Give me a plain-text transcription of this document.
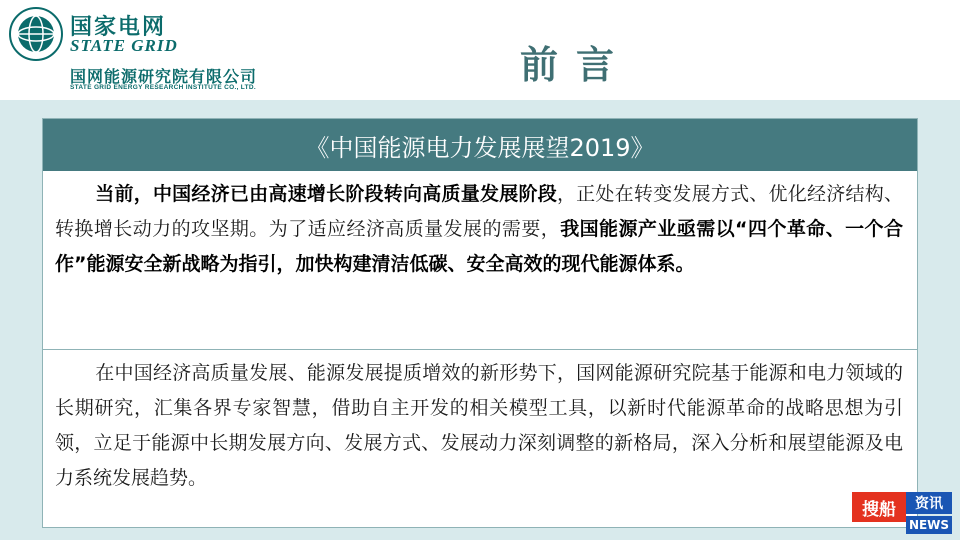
国家电网
STATE GRID
国网能源研究院有限公司
STATE GRID ENERGY RESEARCH INSTITUTE CO., LTD.
前言
《中国能源电力发展展望2019》
当前，中国经济已由高速增长阶段转向高质量发展阶段，正处在转变发展方式、优化经济结构、转换增长动力的攻坚期。为了适应经济高质量发展的需要，我国能源产业亟需以“四个革命、一个合作”能源安全新战略为指引，加快构建清洁低碳、安全高效的现代能源体系。
在中国经济高质量发展、能源发展提质增效的新形势下，国网能源研究院基于能源和电力领域的长期研究，汇集各界专家智慧，借助自主开发的相关模型工具，以新时代能源革命的战略思想为引领，立足于能源中长期发展方向、发展方式、发展动力深刻调整的新格局，深入分析和展望能源及电力系统发展趋势。
搜船	资讯
NEWS
